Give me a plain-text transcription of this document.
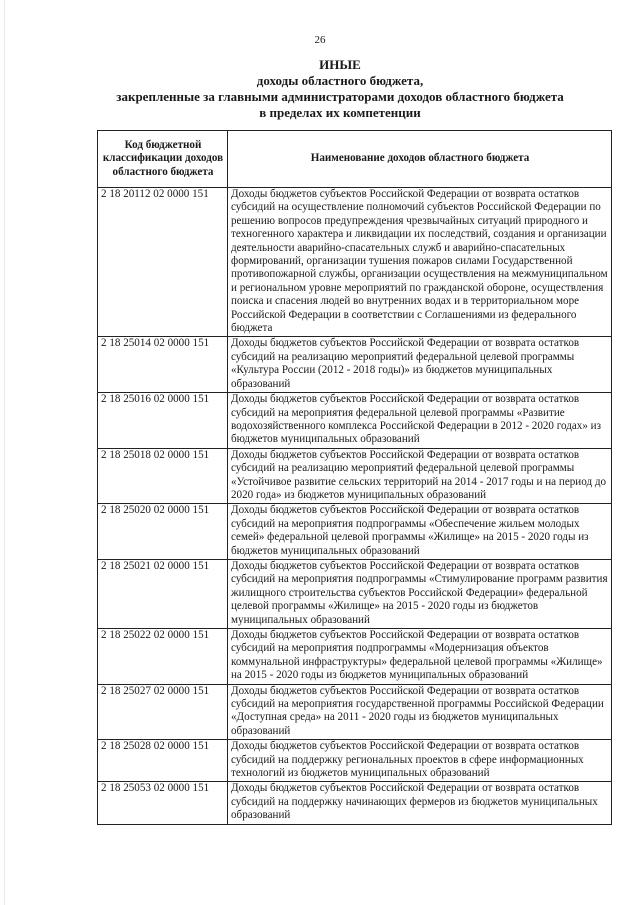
26
ИНЫЕ
доходы областного бюджета,
закрепленные за главными администраторами доходов областного бюджета
в пределах их компетенции
Код бюджетной классификации доходов областного бюджета	Наименование доходов областного бюджета
2 18 20112 02 0000 151	Доходы бюджетов субъектов Российской Федерации от возврата остатков субсидий на осуществление полномочий субъектов Российской Федерации по решению вопросов предупреждения чрезвычайных ситуаций природного и техногенного характера и ликвидации их последствий, создания и организации деятельности аварийно-спасательных служб и аварийно-спасательных формирований, организации тушения пожаров силами Государственной противопожарной службы, организации осуществления на межмуниципальном и региональном уровне мероприятий по гражданской обороне, осуществления поиска и спасения людей во внутренних водах и в территориальном море Российской Федерации в соответствии с Соглашениями из федерального бюджета
2 18 25014 02 0000 151	Доходы бюджетов субъектов Российской Федерации от возврата остатков субсидий на реализацию мероприятий федеральной целевой программы «Культура России (2012 - 2018 годы)» из бюджетов муниципальных образований
2 18 25016 02 0000 151	Доходы бюджетов субъектов Российской Федерации от возврата остатков субсидий на мероприятия федеральной целевой программы «Развитие водохозяйственного комплекса Российской Федерации в 2012 - 2020 годах» из бюджетов муниципальных образований
2 18 25018 02 0000 151	Доходы бюджетов субъектов Российской Федерации от возврата остатков субсидий на реализацию мероприятий федеральной целевой программы «Устойчивое развитие сельских территорий на 2014 - 2017 годы и на период до 2020 года» из бюджетов муниципальных образований
2 18 25020 02 0000 151	Доходы бюджетов субъектов Российской Федерации от возврата остатков субсидий на мероприятия подпрограммы «Обеспечение жильем молодых семей» федеральной целевой программы «Жилище» на 2015 - 2020 годы из бюджетов муниципальных образований
2 18 25021 02 0000 151	Доходы бюджетов субъектов Российской Федерации от возврата остатков субсидий на мероприятия подпрограммы «Стимулирование программ развития жилищного строительства субъектов Российской Федерации» федеральной целевой программы «Жилище» на 2015 - 2020 годы из бюджетов муниципальных образований
2 18 25022 02 0000 151	Доходы бюджетов субъектов Российской Федерации от возврата остатков субсидий на мероприятия подпрограммы «Модернизация объектов коммунальной инфраструктуры» федеральной целевой программы «Жилище» на 2015 - 2020 годы из бюджетов муниципальных образований
2 18 25027 02 0000 151	Доходы бюджетов субъектов Российской Федерации от возврата остатков субсидий на мероприятия государственной программы Российской Федерации «Доступная среда» на 2011 - 2020 годы из бюджетов муниципальных образований
2 18 25028 02 0000 151	Доходы бюджетов субъектов Российской Федерации от возврата остатков субсидий на поддержку региональных проектов в сфере информационных технологий из бюджетов муниципальных образований
2 18 25053 02 0000 151	Доходы бюджетов субъектов Российской Федерации от возврата остатков субсидий на поддержку начинающих фермеров из бюджетов муниципальных образований
